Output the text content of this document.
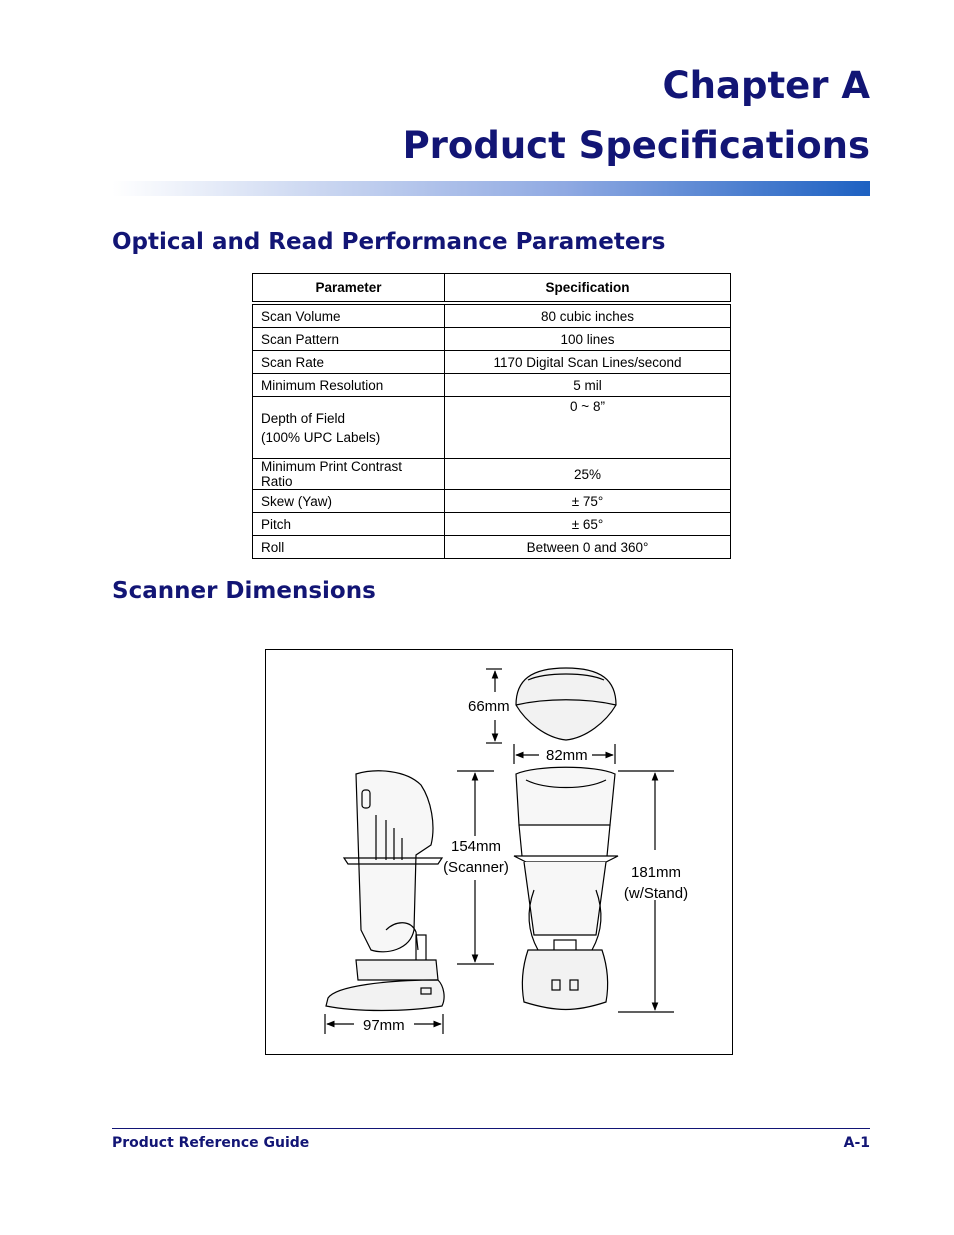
Chapter A
Product Specifications
Optical and Read Performance Parameters
Parameter	Specification
Scan Volume	80 cubic inches
Scan Pattern	100 lines
Scan Rate	1170 Digital Scan Lines/second
Minimum Resolution	5 mil

Depth of Field
(100% UPC Labels)	0 ~ 8”
Minimum Print Contrast Ratio	25%
Skew (Yaw)	± 75°
Pitch	± 65°
Roll	Between 0 and 360°
Scanner Dimensions
66mm
82mm
154mm
(Scanner)	181mm
(w/Stand)
97mm
Product Reference Guide	A-1
